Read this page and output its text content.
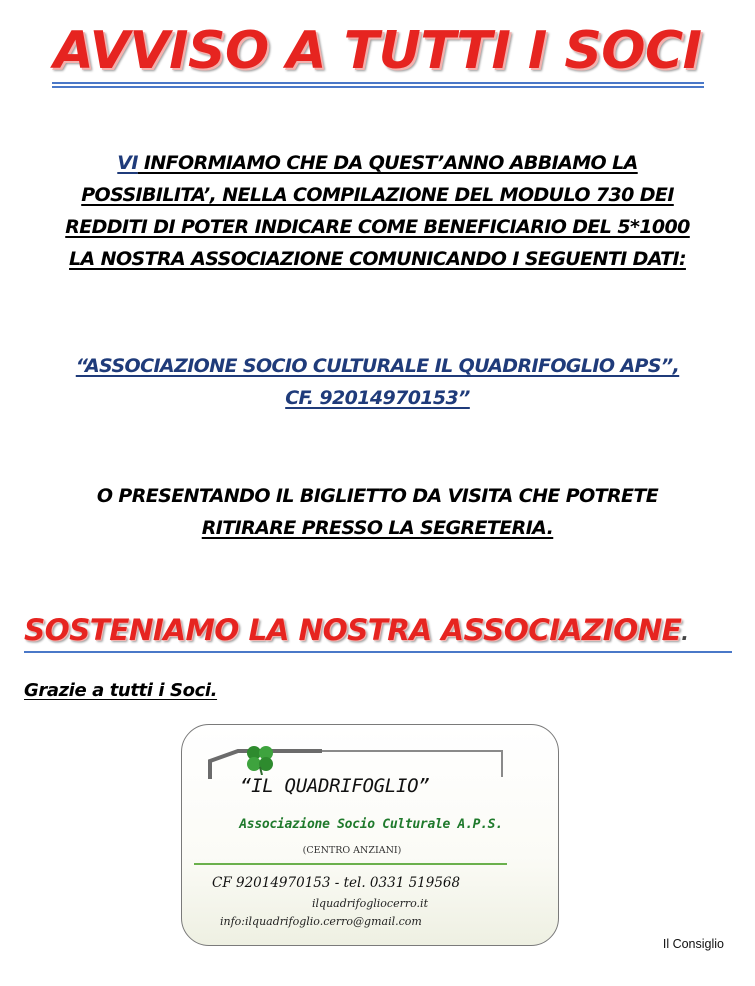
AVVISO A TUTTI I SOCI
VI INFORMIAMO CHE DA QUEST’ANNO ABBIAMO LA
POSSIBILITA’, NELLA COMPILAZIONE DEL MODULO 730 DEI
REDDITI DI POTER INDICARE COME BENEFICIARIO DEL 5*1000
LA NOSTRA ASSOCIAZIONE COMUNICANDO I SEGUENTI DATI:
“ASSOCIAZIONE SOCIO CULTURALE IL QUADRIFOGLIO APS”,
CF. 92014970153”
O PRESENTANDO IL BIGLIETTO DA VISITA CHE POTRETE
RITIRARE PRESSO LA SEGRETERIA.
SOSTENIAMO LA NOSTRA ASSOCIAZIONE.
Grazie a tutti i Soci.
“IL QUADRIFOGLIO”
Associazione Socio Culturale A.P.S.
(CENTRO ANZIANI)
CF 92014970153 - tel. 0331 519568
ilquadrifogliocerro.it
info:ilquadrifoglio.cerro@gmail.com
Il Consiglio
